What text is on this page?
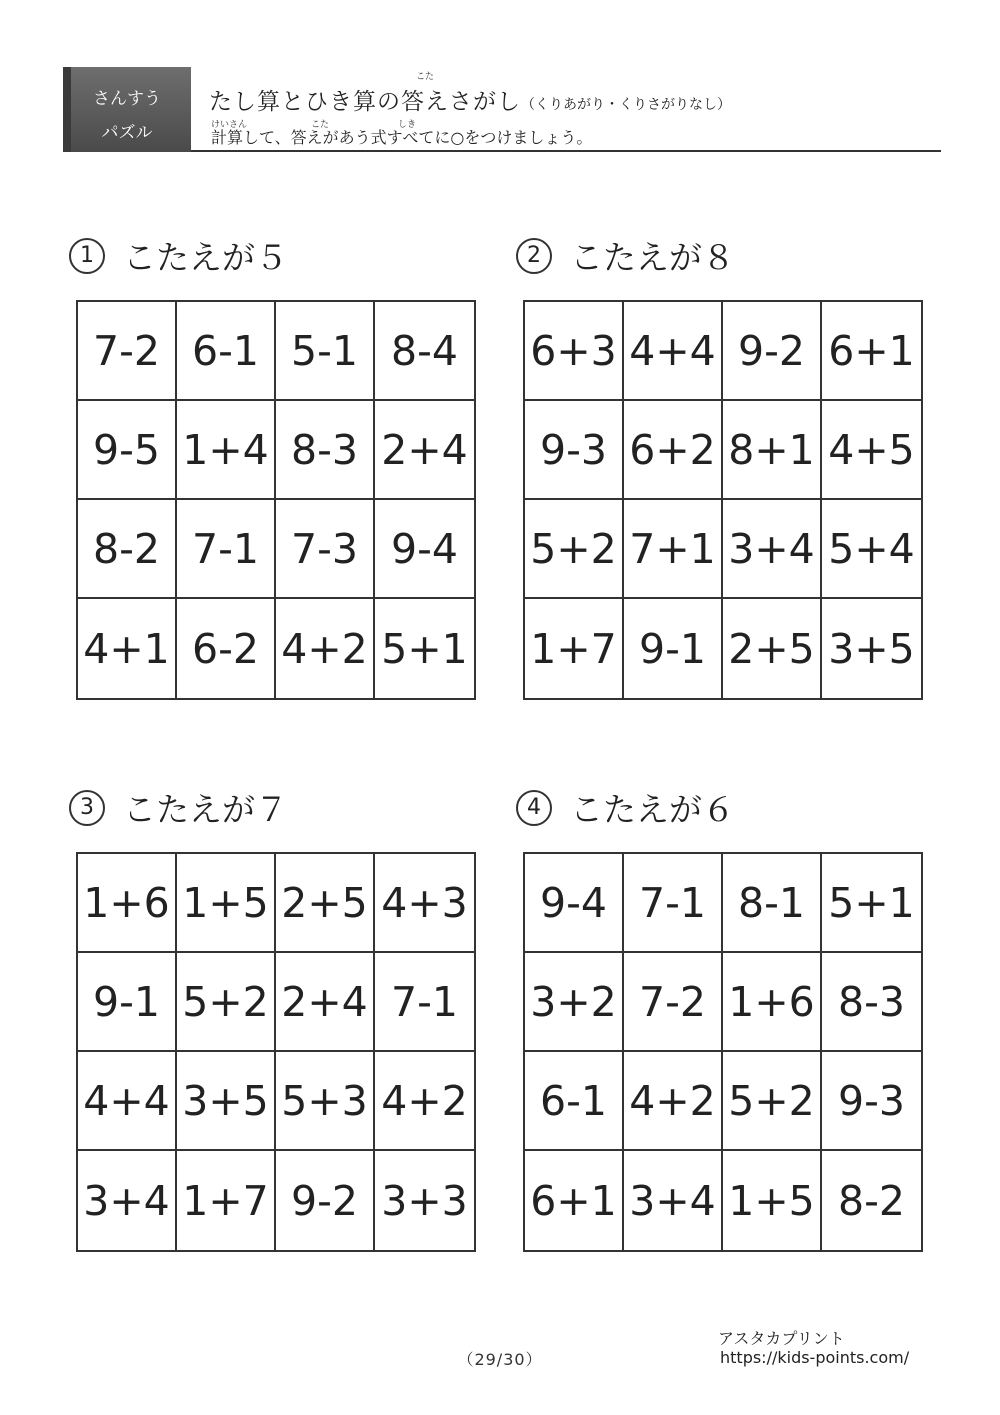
さんすう
パズル
こた
たし算とひき算の答えさがし（くりあがり・くりさがりなし）
けいさん	こた	しき
計算して、答えがあう式すべてに○をつけましょう。
1 こたえが５
7-2 6-1 5-1 8-4
9-5 1+4 8-3 2+4
8-2 7-1 7-3 9-4
4+1 6-2 4+2 5+1
2 こたえが８
6+3 4+4 9-2 6+1
9-3 6+2 8+1 4+5
5+2 7+1 3+4 5+4
1+7 9-1 2+5 3+5
3 こたえが７
1+6 1+5 2+5 4+3
9-1 5+2 2+4 7-1
4+4 3+5 5+3 4+2
3+4 1+7 9-2 3+3
4 こたえが６
9-4 7-1 8-1 5+1
3+2 7-2 1+6 8-3
6-1 4+2 5+2 9-3
6+1 3+4 1+5 8-2
（29/30）
アスタカプリント
https://kids-points.com/
